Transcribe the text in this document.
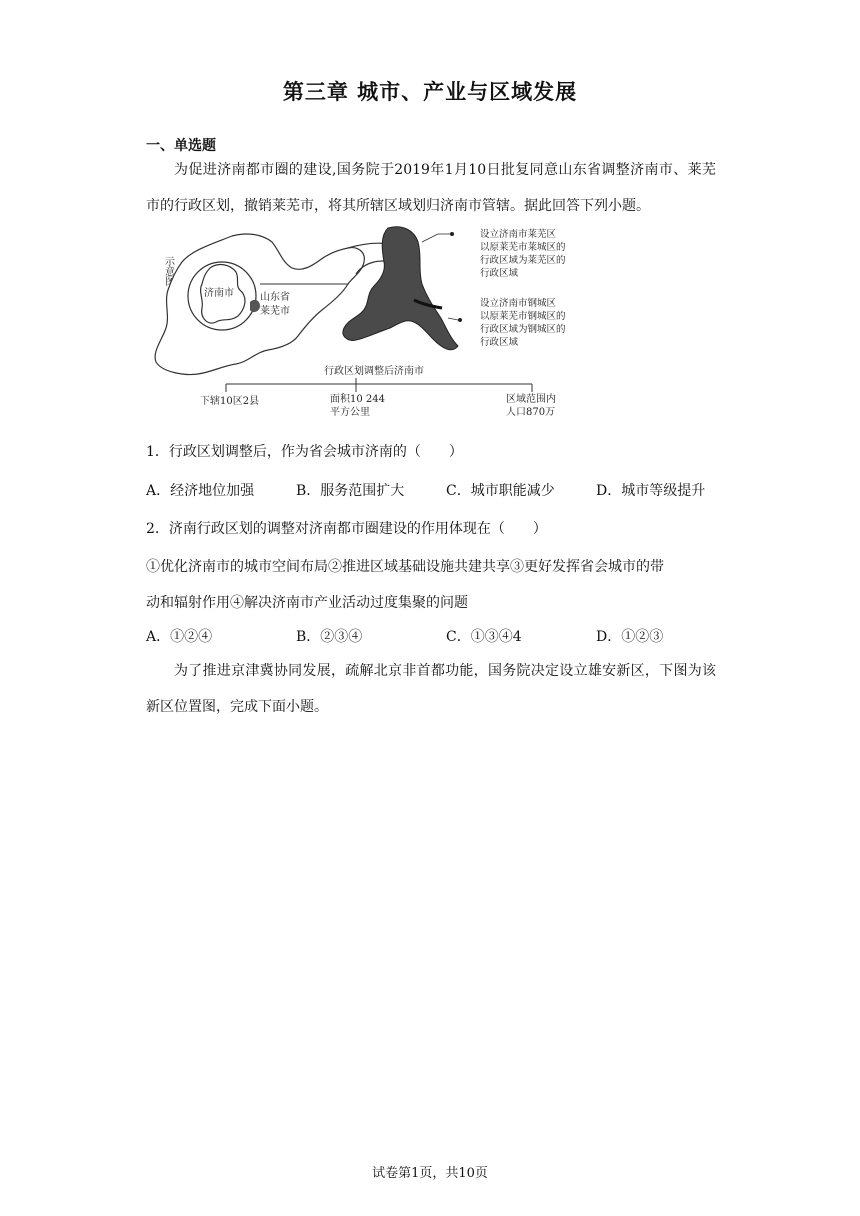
第三章 城市、产业与区域发展
一、单选题
为促进济南都市圈的建设,国务院于2019年1月10日批复同意山东省调整济南市、莱芜市的行政区划，撤销莱芜市，将其所辖区域划归济南市管辖。据此回答下列小题。
示意图
济南市	山东省
莱芜市
设立济南市莱芜区
以原莱芜市莱城区的
行政区域为莱芜区的
行政区域
设立济南市钢城区
以原莱芜市钢城区的
行政区域为钢城区的
行政区域
行政区划调整后济南市
下辖10区2县	面积10 244
平方公里
区域范围内
人口870万
1．行政区划调整后，作为省会城市济南的（　　）
A．经济地位加强	B．服务范围扩大	C．城市职能减少	D．城市等级提升
2．济南行政区划的调整对济南都市圈建设的作用体现在（　　）
①优化济南市的城市空间布局②推进区域基础设施共建共享③更好发挥省会城市的带
动和辐射作用④解决济南市产业活动过度集聚的问题
A．①②④	B．②③④	C．①③④4	D．①②③
为了推进京津冀协同发展，疏解北京非首都功能，国务院决定设立雄安新区，下图为该新区位置图，完成下面小题。
试卷第1页，共10页
